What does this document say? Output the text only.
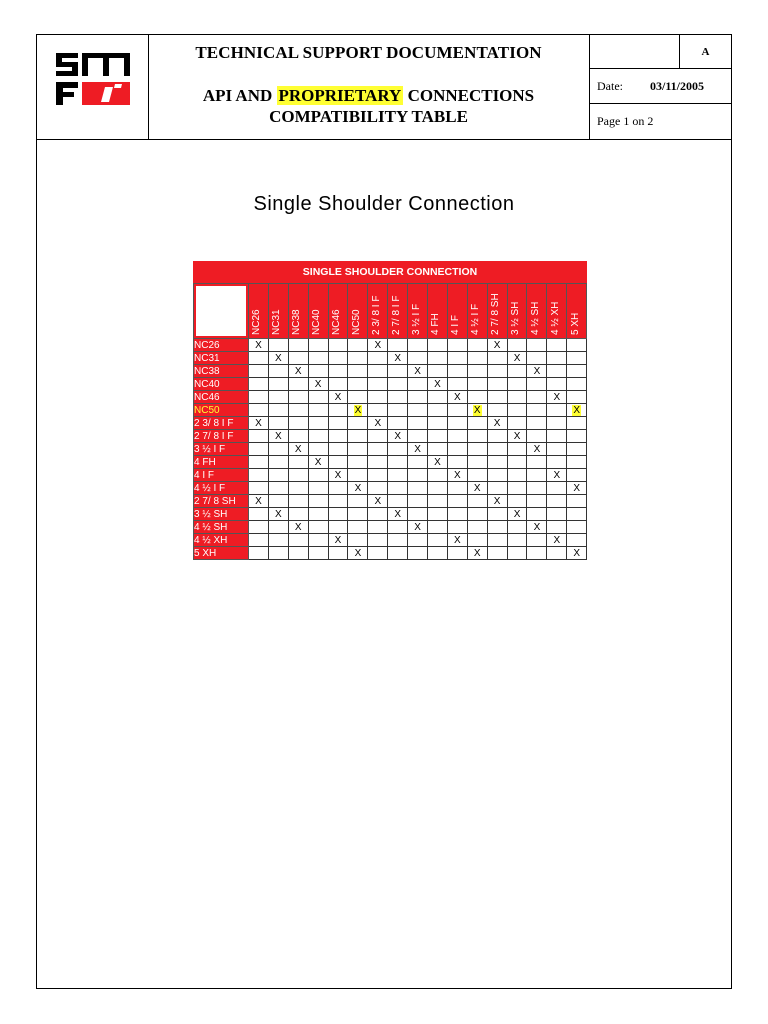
TECHNICAL SUPPORT DOCUMENTATION
API AND PROPRIETARY CONNECTIONS
COMPATIBILITY TABLE
A
Date: 03/11/2005
Page 1 on 2
Single Shoulder Connection
SINGLE SHOULDER CONNECTION

	NC26	NC31	NC38	NC40	NC46	NC50	2 3/ 8 I F	2 7/ 8 I F	3 ½ I F	4 FH	4 I F	4 ½ I F	2 7/ 8 SH	3 ½ SH	4 ½ SH	4 ½ XH	5 XH

NC26	X						X						X				
NC31		X						X						X			
NC38			X						X						X		
NC40				X						X							
NC46					X						X					X	
NC50						X						X					X
2 3/ 8 I F	X						X						X				
2 7/ 8 I F		X						X						X			
3 ½ I F			X						X						X		
4 FH				X						X							
4 I F					X						X					X	
4 ½ I F						X						X					X
2 7/ 8 SH	X						X						X				
3 ½ SH		X						X						X			
4 ½ SH			X						X						X		
4 ½ XH					X						X					X	
5 XH						X						X					X
